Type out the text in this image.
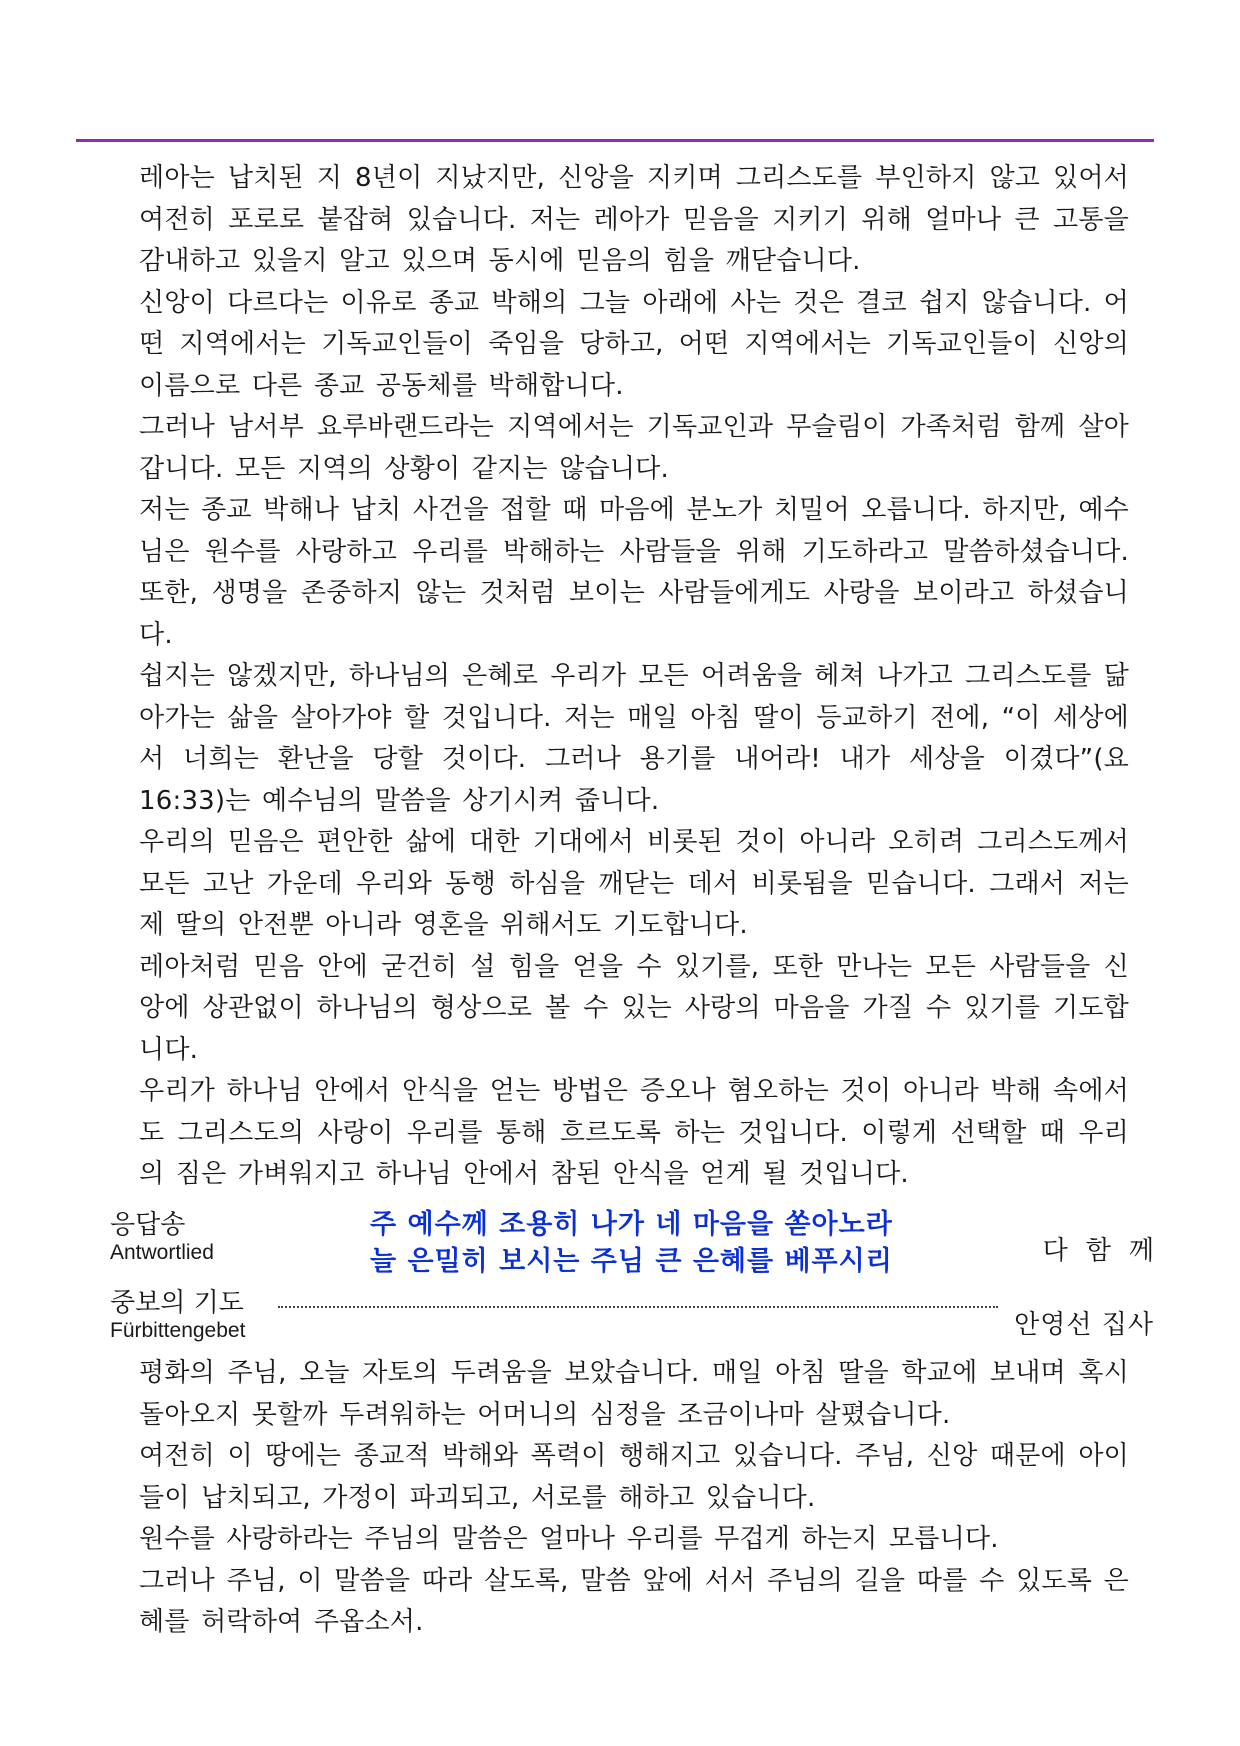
레아는 납치된 지 8년이 지났지만, 신앙을 지키며 그리스도를 부인하지 않고 있어서 여전히 포로로 붙잡혀 있습니다. 저는 레아가 믿음을 지키기 위해 얼마나 큰 고통을 감내하고 있을지 알고 있으며 동시에 믿음의 힘을 깨닫습니다.

신앙이 다르다는 이유로 종교 박해의 그늘 아래에 사는 것은 결코 쉽지 않습니다. 어떤 지역에서는 기독교인들이 죽임을 당하고, 어떤 지역에서는 기독교인들이 신앙의 이름으로 다른 종교 공동체를 박해합니다.

그러나 남서부 요루바랜드라는 지역에서는 기독교인과 무슬림이 가족처럼 함께 살아갑니다. 모든 지역의 상황이 같지는 않습니다.

저는 종교 박해나 납치 사건을 접할 때 마음에 분노가 치밀어 오릅니다. 하지만, 예수님은 원수를 사랑하고 우리를 박해하는 사람들을 위해 기도하라고 말씀하셨습니다. 또한, 생명을 존중하지 않는 것처럼 보이는 사람들에게도 사랑을 보이라고 하셨습니다.

쉽지는 않겠지만, 하나님의 은혜로 우리가 모든 어려움을 헤쳐 나가고 그리스도를 닮아가는 삶을 살아가야 할 것입니다. 저는 매일 아침 딸이 등교하기 전에, “이 세상에서 너희는 환난을 당할 것이다. 그러나 용기를 내어라! 내가 세상을 이겼다”(요 16:33)는 예수님의 말씀을 상기시켜 줍니다.

우리의 믿음은 편안한 삶에 대한 기대에서 비롯된 것이 아니라 오히려 그리스도께서 모든 고난 가운데 우리와 동행 하심을 깨닫는 데서 비롯됨을 믿습니다. 그래서 저는 제 딸의 안전뿐 아니라 영혼을 위해서도 기도합니다.

레아처럼 믿음 안에 굳건히 설 힘을 얻을 수 있기를, 또한 만나는 모든 사람들을 신앙에 상관없이 하나님의 형상으로 볼 수 있는 사랑의 마음을 가질 수 있기를 기도합니다.

우리가 하나님 안에서 안식을 얻는 방법은 증오나 혐오하는 것이 아니라 박해 속에서도 그리스도의 사랑이 우리를 통해 흐르도록 하는 것입니다. 이렇게 선택할 때 우리의 짐은 가벼워지고 하나님 안에서 참된 안식을 얻게 될 것입니다.

응답송
Antwortlied
주 예수께 조용히 나가 네 마음을 쏟아노라
늘 은밀히 보시는 주님 큰 은혜를 베푸시리	다함께
중보의 기도
Fürbittengebet	안영선 집사

평화의 주님, 오늘 자토의 두려움을 보았습니다. 매일 아침 딸을 학교에 보내며 혹시 돌아오지 못할까 두려워하는 어머니의 심정을 조금이나마 살폈습니다.

여전히 이 땅에는 종교적 박해와 폭력이 행해지고 있습니다. 주님, 신앙 때문에 아이들이 납치되고, 가정이 파괴되고, 서로를 해하고 있습니다.

원수를 사랑하라는 주님의 말씀은 얼마나 우리를 무겁게 하는지 모릅니다.

그러나 주님, 이 말씀을 따라 살도록, 말씀 앞에 서서 주님의 길을 따를 수 있도록 은혜를 허락하여 주옵소서.
